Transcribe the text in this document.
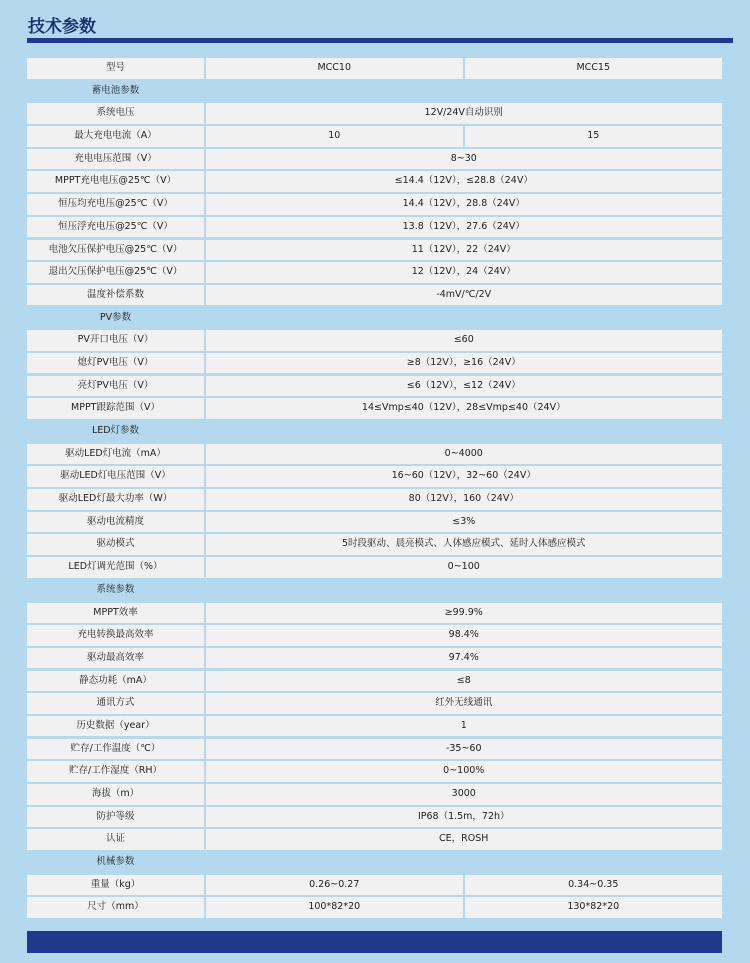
技术参数
型号	MCC10	MCC15
蓄电池参数
系统电压	12V/24V自动识别
最大充电电流（A）	10	15
充电电压范围（V）	8~30
MPPT充电电压@25℃（V）	≤14.4（12V），≤28.8（24V）
恒压均充电压@25℃（V）	14.4（12V），28.8（24V）
恒压浮充电压@25℃（V）	13.8（12V），27.6（24V）
电池欠压保护电压@25℃（V）	11（12V），22（24V）
退出欠压保护电压@25℃（V）	12（12V），24（24V）
温度补偿系数	-4mV/℃/2V
PV参数
PV开口电压（V）	≤60
熄灯PV电压（V）	≥8（12V），≥16（24V）
亮灯PV电压（V）	≤6（12V），≤12（24V）
MPPT跟踪范围（V）	14≤Vmp≤40（12V），28≤Vmp≤40（24V）
LED灯参数
驱动LED灯电流（mA）	0~4000
驱动LED灯电压范围（V）	16~60（12V），32~60（24V）
驱动LED灯最大功率（W）	80（12V），160（24V）
驱动电流精度	≤3%
驱动模式	5时段驱动、晨亮模式、人体感应模式、延时人体感应模式
LED灯调光范围（%）	0~100
系统参数
MPPT效率	≥99.9%
充电转换最高效率	98.4%
驱动最高效率	97.4%
静态功耗（mA）	≤8
通讯方式	红外无线通讯
历史数据（year）	1
贮存/工作温度（℃）	-35~60
贮存/工作湿度（RH）	0~100%
海拔（m）	3000
防护等级	IP68（1.5m，72h）
认证	CE，ROSH
机械参数
重量（kg）	0.26~0.27	0.34~0.35
尺寸（mm）	100*82*20	130*82*20
